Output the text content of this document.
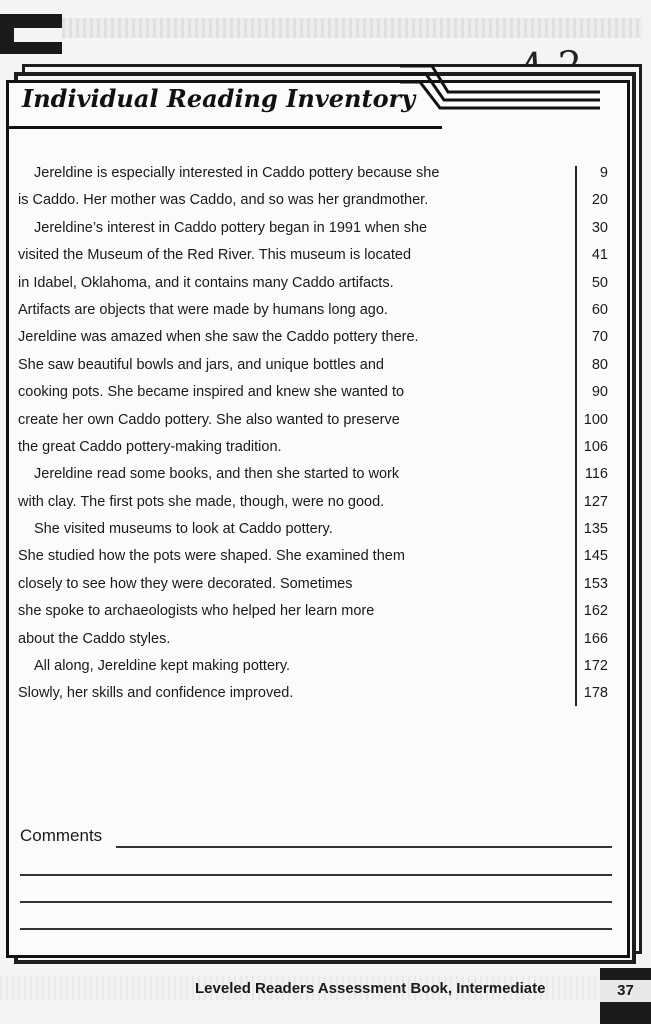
Individual Reading Inventory
Jereldine is especially interested in Caddo pottery because she	9
is Caddo. Her mother was Caddo, and so was her grandmother.	20
Jereldine’s interest in Caddo pottery began in 1991 when she	30
visited the Museum of the Red River. This museum is located	41
in Idabel, Oklahoma, and it contains many Caddo artifacts.	50
Artifacts are objects that were made by humans long ago.	60
Jereldine was amazed when she saw the Caddo pottery there.	70
She saw beautiful bowls and jars, and unique bottles and	80
cooking pots. She became inspired and knew she wanted to	90
create her own Caddo pottery. She also wanted to preserve	100
the great Caddo pottery-making tradition.	106
Jereldine read some books, and then she started to work	116
with clay. The first pots she made, though, were no good.	127
She visited museums to look at Caddo pottery.	135
She studied how the pots were shaped. She examined them	145
closely to see how they were decorated. Sometimes	153
she spoke to archaeologists who helped her learn more	162
about the Caddo styles.	166
All along, Jereldine kept making pottery.	172
Slowly, her skills and confidence improved.	178
Comments
Leveled Readers Assessment Book, Intermediate	37
